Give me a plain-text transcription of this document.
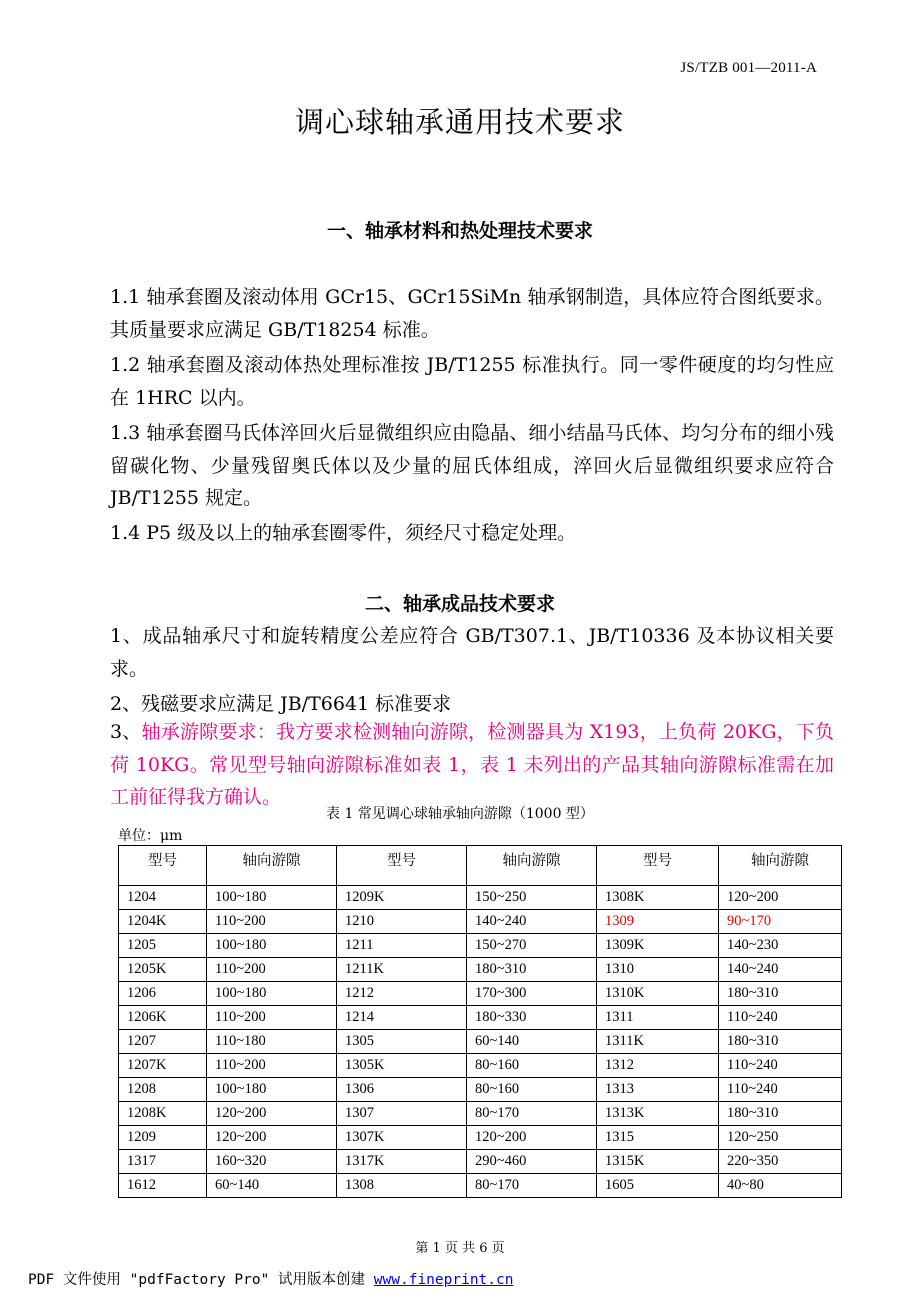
JS/TZB 001—2011-A
调心球轴承通用技术要求
一、轴承材料和热处理技术要求

1.1 轴承套圈及滚动体用 GCr15、GCr15SiMn 轴承钢制造，具体应符合图纸要求。其质量要求应满足 GB/T18254 标准。

1.2 轴承套圈及滚动体热处理标准按 JB/T1255 标准执行。同一零件硬度的均匀性应在 1HRC 以内。

1.3 轴承套圈马氏体淬回火后显微组织应由隐晶、细小结晶马氏体、均匀分布的细小残留碳化物、少量残留奥氏体以及少量的屈氏体组成，淬回火后显微组织要求应符合 JB/T1255 规定。

1.4 P5 级及以上的轴承套圈零件，须经尺寸稳定处理。

二、轴承成品技术要求

1、成品轴承尺寸和旋转精度公差应符合 GB/T307.1、JB/T10336 及本协议相关要求。

2、残磁要求应满足 JB/T6641 标准要求

3、轴承游隙要求：我方要求检测轴向游隙，检测器具为 X193，上负荷 20KG，下负荷 10KG。常见型号轴向游隙标准如表 1，表 1 未列出的产品其轴向游隙标准需在加工前征得我方确认。

表 1 常见调心球轴承轴向游隙（1000 型）
单位：μm
型号	轴向游隙	型号	轴向游隙	型号	轴向游隙
1204	100~180	1209K	150~250	1308K	120~200
1204K	110~200	1210	140~240	1309	90~170
1205	100~180	1211	150~270	1309K	140~230
1205K	110~200	1211K	180~310	1310	140~240
1206	100~180	1212	170~300	1310K	180~310
1206K	110~200	1214	180~330	1311	110~240
1207	110~180	1305	60~140	1311K	180~310
1207K	110~200	1305K	80~160	1312	110~240
1208	100~180	1306	80~160	1313	110~240
1208K	120~200	1307	80~170	1313K	180~310
1209	120~200	1307K	120~200	1315	120~250
1317	160~320	1317K	290~460	1315K	220~350
1612	60~140	1308	80~170	1605	40~80
第 1 页 共 6 页
PDF 文件使用 "pdfFactory Pro" 试用版本创建 www.fineprint.cn
